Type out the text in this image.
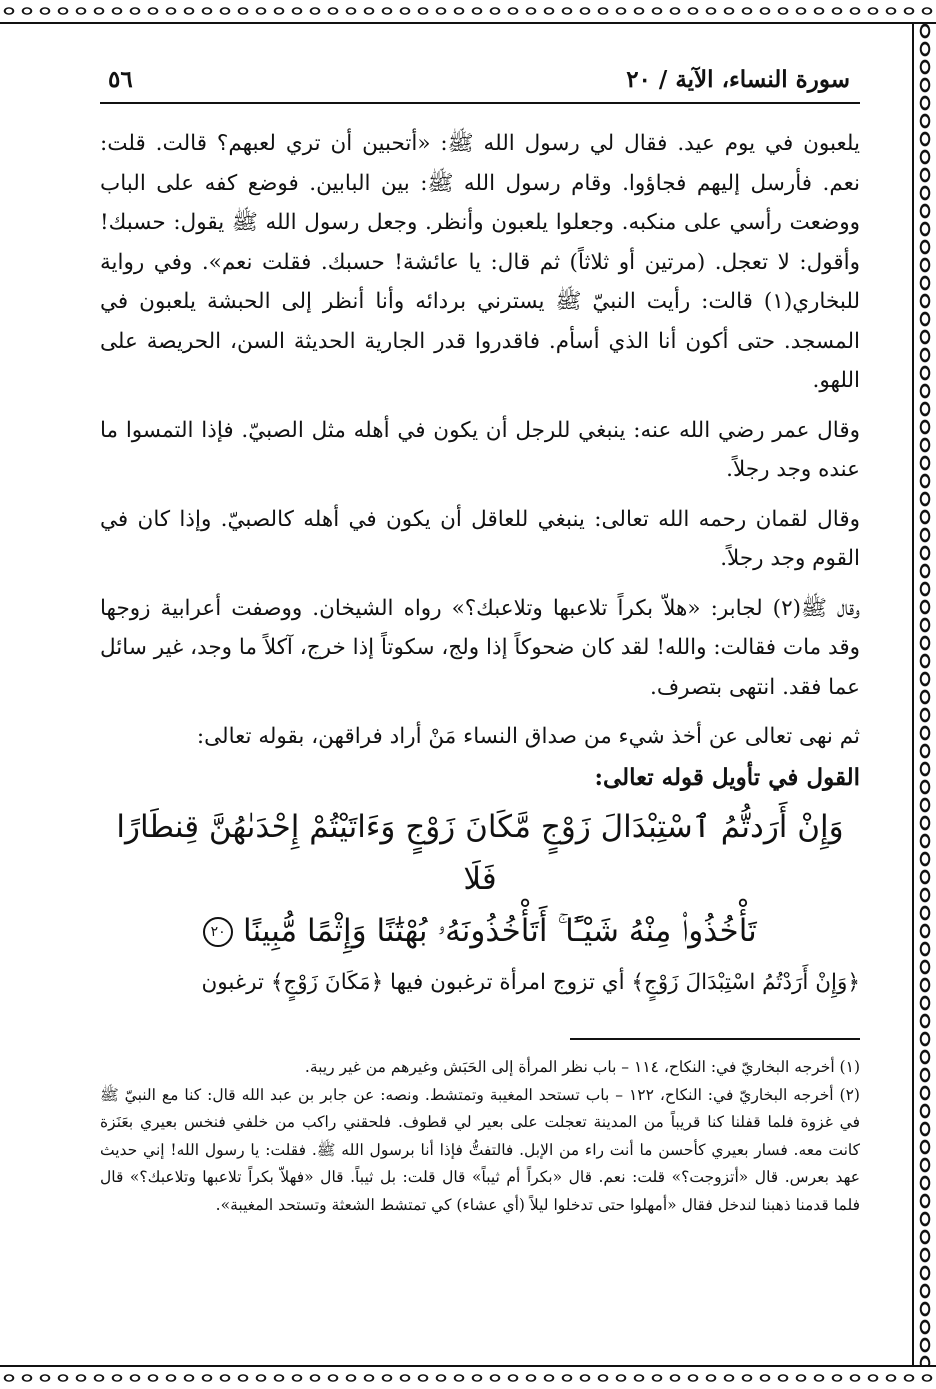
سورة النساء، الآية / ٢٠
٥٦

يلعبون في يوم عيد. فقال لي رسول الله ﷺ: «أتحبين أن تري لعبهم؟ قالت. قلت: نعم. فأرسل إليهم فجاؤوا. وقام رسول الله ﷺ: بين البابين. فوضع كفه على الباب ووضعت رأسي على منكبه. وجعلوا يلعبون وأنظر. وجعل رسول الله ﷺ يقول: حسبك! وأقول: لا تعجل. (مرتين أو ثلاثاً) ثم قال: يا عائشة! حسبك. فقلت نعم». وفي رواية للبخاري(١) قالت: رأيت النبيّ ﷺ يسترني بردائه وأنا أنظر إلى الحبشة يلعبون في المسجد. حتى أكون أنا الذي أسأم. فاقدروا قدر الجارية الحديثة السن، الحريصة على اللهو.

وقال عمر رضي الله عنه: ينبغي للرجل أن يكون في أهله مثل الصبيّ. فإذا التمسوا ما عنده وجد رجلاً.

وقال لقمان رحمه الله تعالى: ينبغي للعاقل أن يكون في أهله كالصبيّ. وإذا كان في القوم وجد رجلاً.

وقال ﷺ(٢) لجابر: «هلاّ بكراً تلاعبها وتلاعبك؟» رواه الشيخان. ووصفت أعرابية زوجها وقد مات فقالت: والله! لقد كان ضحوكاً إذا ولج، سكوتاً إذا خرج، آكلاً ما وجد، غير سائل عما فقد. انتهى بتصرف.

ثم نهى تعالى عن أخذ شيء من صداق النساء مَنْ أراد فراقهن، بقوله تعالى:

القول في تأويل قوله تعالى:
وَإِنْ أَرَدتُّمُ ٱسْتِبْدَالَ زَوْجٍ مَّكَانَ زَوْجٍ وَءَاتَيْتُمْ إِحْدَىٰهُنَّ قِنطَارًا فَلَا
تَأْخُذُوا۟ مِنْهُ شَيْـًٔا ۚ أَتَأْخُذُونَهُۥ بُهْتَٰنًا وَإِثْمًا مُّبِينًا ٢٠

﴿وَإِنْ أَرَدْتُمُ اسْتِبْدَالَ زَوْجٍ﴾ أي تزوج امرأة ترغبون فيها ﴿مَكَانَ زَوْجٍ﴾ ترغبون

(١) أخرجه البخاريّ في: النكاح، ١١٤ – باب نظر المرأة إلى الحَبَش وغيرهم من غير ريبة.

(٢) أخرجه البخاريّ في: النكاح، ١٢٢ – باب تستحد المغيبة وتمتشط. ونصه: عن جابر بن عبد الله قال: كنا مع النبيّ ﷺ في غزوة فلما قفلنا كنا قريباً من المدينة تعجلت على بعير لي قطوف. فلحقني راكب من خلفي فنخس بعيري بعَنَزة كانت معه. فسار بعيري كأحسن ما أنت راء من الإبل. فالتفتُّ فإذا أنا برسول الله ﷺ. فقلت: يا رسول الله! إني حديث عهد بعرس. قال «أتزوجت؟» قلت: نعم. قال «بكراً أم ثيباً» قال قلت: بل ثيباً. قال «فهلاّ بكراً تلاعبها وتلاعبك؟» قال فلما قدمنا ذهبنا لندخل فقال «أمهلوا حتى تدخلوا ليلاً (أي عشاء) كي تمتشط الشعثة وتستحد المغيبة».
